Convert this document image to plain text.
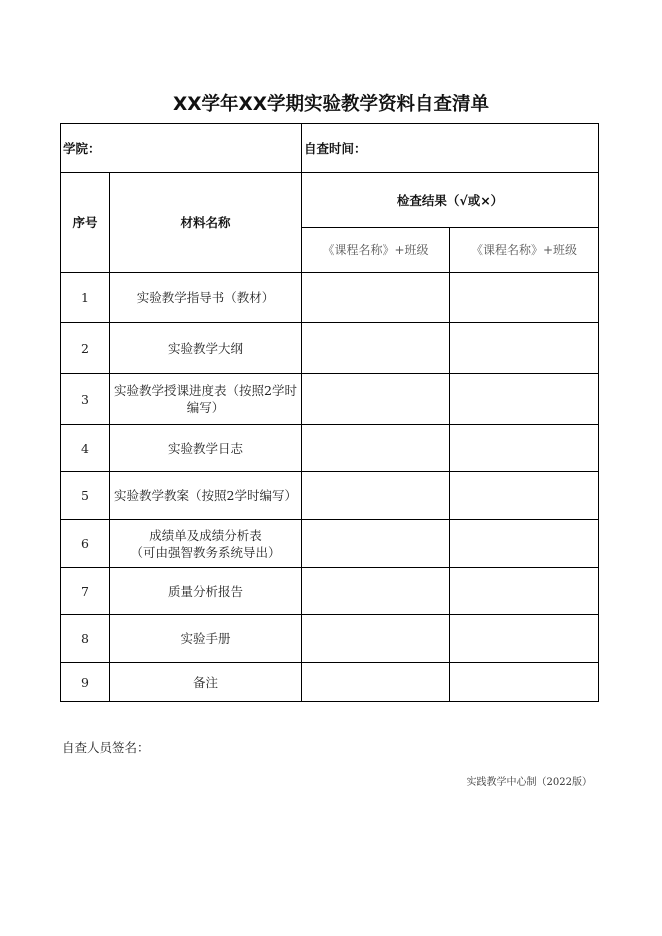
XX学年XX学期实验教学资料自查清单
学院：		自查时间：	
序号	材料名称	检查结果（√或×）	
		《课程名称》+班级	《课程名称》+班级
1	实验教学指导书（教材）		
2	实验教学大纲		
3	实验教学授课进度表（按照2学时编写）		
4	实验教学日志		
5	实验教学教案（按照2学时编写）		
6	成绩单及成绩分析表
（可由强智教务系统导出）		
7	质量分析报告		
8	实验手册		
9	备注		
自查人员签名：
实践教学中心制（2022版）
